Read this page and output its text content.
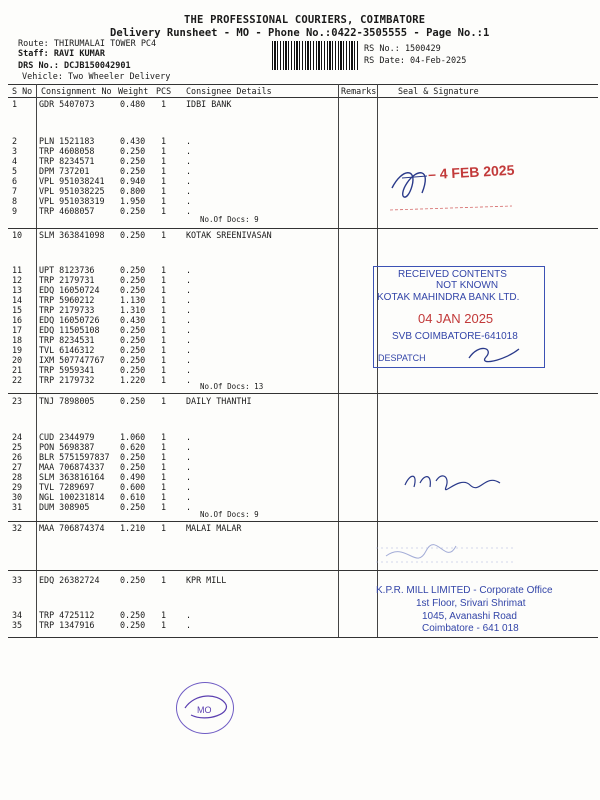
THE PROFESSIONAL COURIERS, COIMBATORE
Delivery Runsheet - MO - Phone No.:0422-3505555 - Page No.:1
Route: THIRUMALAI TOWER PC4
Staff: RAVI KUMAR
DRS No.: DCJB150042901
Vehicle: Two Wheeler Delivery
RS No.: 1500429
RS Date: 04-Feb-2025
S No Consignment No Weight PCS Consignee Details	Remarks	Seal & Signature
1	GDR 5407073	0.480 1 IDBI BANK
2	PLN 1521183	0.430 1 .
3	TRP 4608058	0.250 1 .
4	TRP 8234571	0.250 1 .
5	DPM 737201	0.250 1 .
6	VPL 951038241 0.940 1 .
7	VPL 951038225 0.800 1 .
8	VPL 951038319 1.950 1 .
9	TRP 4608057	0.250 1 .
10 SLM 363841098 0.250 1 KOTAK SREENIVASAN
11 UPT 8123736	0.250 1 .
12 TRP 2179731	0.250 1 .
13 EDQ 16050724 0.250 1 .
14 TRP 5960212	1.130 1 .
15 TRP 2179733	1.310 1 .
16 EDQ 16050726 0.430 1 .
17 EDQ 11505108 0.250 1 .
18 TRP 8234531	0.250 1 .
19 TVL 6146312	0.250 1 .
20 IXM 507747767 0.250 1 .
21 TRP 5959341	0.250 1 .
22 TRP 2179732	1.220 1 .
23 TNJ 7898005	0.250 1 DAILY THANTHI
24 CUD 2344979	1.060 1 .
25 PON 5698387	0.620 1 .
26 BLR 5751597837 0.250 1 .
27 MAA 706874337 0.250 1 .
28 SLM 363816164 0.490 1 .
29 TVL 7289697	0.600 1 .
30 NGL 100231814 0.610 1 .
31 DUM 308905	0.250 1 .
32 MAA 706874374 1.210 1 MALAI MALAR
33 EDQ 26382724 0.250 1 KPR MILL
34 TRP 4725112	0.250 1 .
35 TRP 1347916	0.250 1 .
No.Of Docs: 9
No.Of Docs: 13
No.Of Docs: 9
– 4 FEB 2025
RECEIVED CONTENTS
NOT KNOWN
KOTAK MAHINDRA BANK LTD.
04 JAN 2025
SVB COIMBATORE-641018
DESPATCH
K.P.R. MILL LIMITED - Corporate Office
1st Floor, Srivari Shrimat
1045, Avanashi Road
Coimbatore - 641 018
MO
